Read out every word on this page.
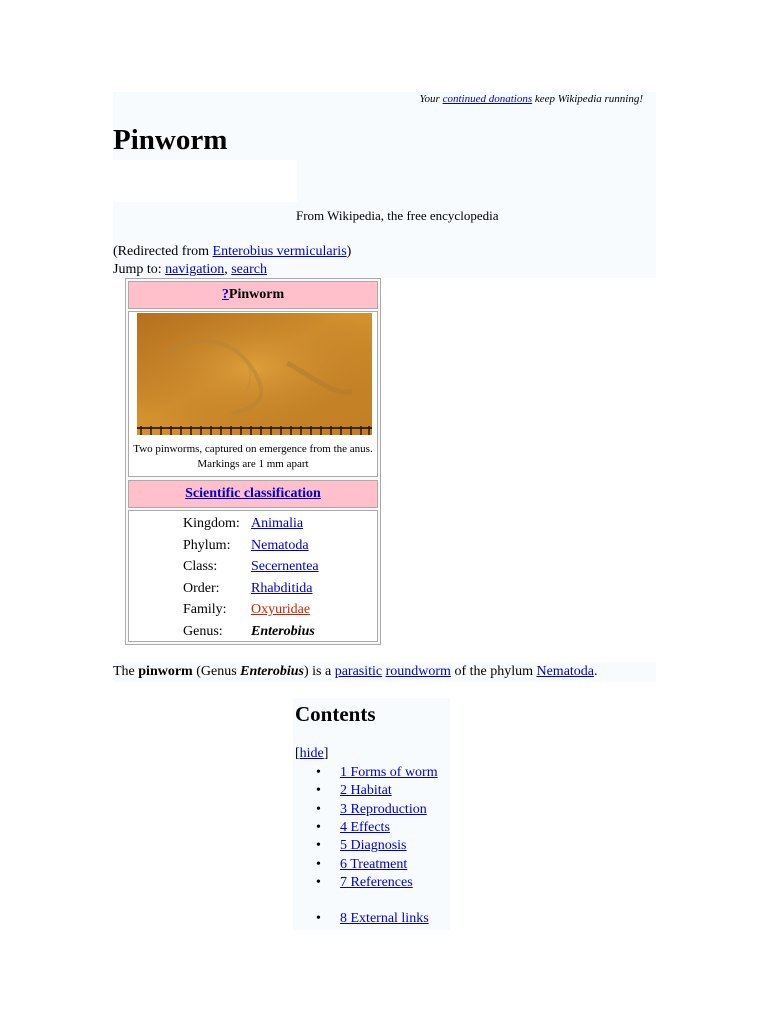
Your continued donations keep Wikipedia running!
Pinworm
From Wikipedia, the free encyclopedia
(Redirected from Enterobius vermicularis)
Jump to: navigation, search
?Pinworm
Two pinworms, captured on emergence from the anus. Markings are 1 mm apart
Scientific classification
Kingdom: Animalia
Phylum: Nematoda
Class: Secernentea
Order: Rhabditida
Family: Oxyuridae
Genus: Enterobius
The pinworm (Genus Enterobius) is a parasitic roundworm of the phylum Nematoda.
Contents
[hide]
• 1 Forms of worm
• 2 Habitat
• 3 Reproduction
• 4 Effects
• 5 Diagnosis
• 6 Treatment
• 7 References
• 8 External links
